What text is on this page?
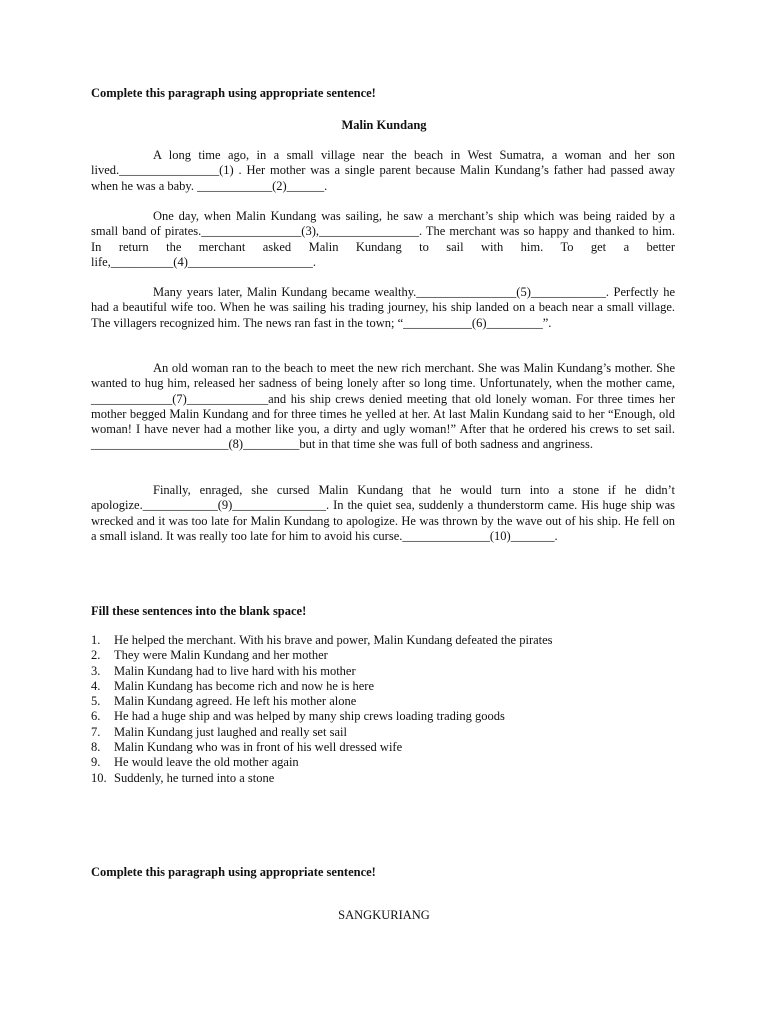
Complete this paragraph using appropriate sentence!
Malin Kundang

A long time ago, in a small village near the beach in West Sumatra, a woman and her son lived.________________(1) . Her mother was a single parent because Malin Kundang’s father had passed away when he was a baby. ____________(2)______.

One day, when Malin Kundang was sailing, he saw a merchant’s ship which was being raided by a small band of pirates.________________(3),________________. The merchant was so happy and thanked to him. In return the merchant asked Malin Kundang to sail with him. To get a better life,__________(4)____________________.

Many years later, Malin Kundang became wealthy.________________(5)____________. Perfectly he had a beautiful wife too. When he was sailing his trading journey, his ship landed on a beach near a small village. The villagers recognized him. The news ran fast in the town; “___________(6)_________”.

An old woman ran to the beach to meet the new rich merchant. She was Malin Kundang’s mother. She wanted to hug him, released her sadness of being lonely after so long time. Unfortunately, when the mother came, _____________(7)_____________and his ship crews denied meeting that old lonely woman. For three times her mother begged Malin Kundang and for three times he yelled at her. At last Malin Kundang said to her “Enough, old woman! I have never had a mother like you, a dirty and ugly woman!” After that he ordered his crews to set sail. ______________________(8)_________but in that time she was full of both sadness and angriness.

Finally, enraged, she cursed Malin Kundang that he would turn into a stone if he didn’t apologize.____________(9)_______________. In the quiet sea, suddenly a thunderstorm came. His huge ship was wrecked and it was too late for Malin Kundang to apologize. He was thrown by the wave out of his ship. He fell on a small island. It was really too late for him to avoid his curse.______________(10)_______.

Fill these sentences into the blank space!
1.	He helped the merchant. With his brave and power, Malin Kundang defeated the pirates
2.	They were Malin Kundang and her mother
3.	Malin Kundang had to live hard with his mother
4.	Malin Kundang has become rich and now he is here
5.	Malin Kundang agreed. He left his mother alone
6.	He had a huge ship and was helped by many ship crews loading trading goods
7.	Malin Kundang just laughed and really set sail
8.	Malin Kundang who was in front of his well dressed wife
9.	He would leave the old mother again
10. Suddenly, he turned into a stone
Complete this paragraph using appropriate sentence!
SANGKURIANG
